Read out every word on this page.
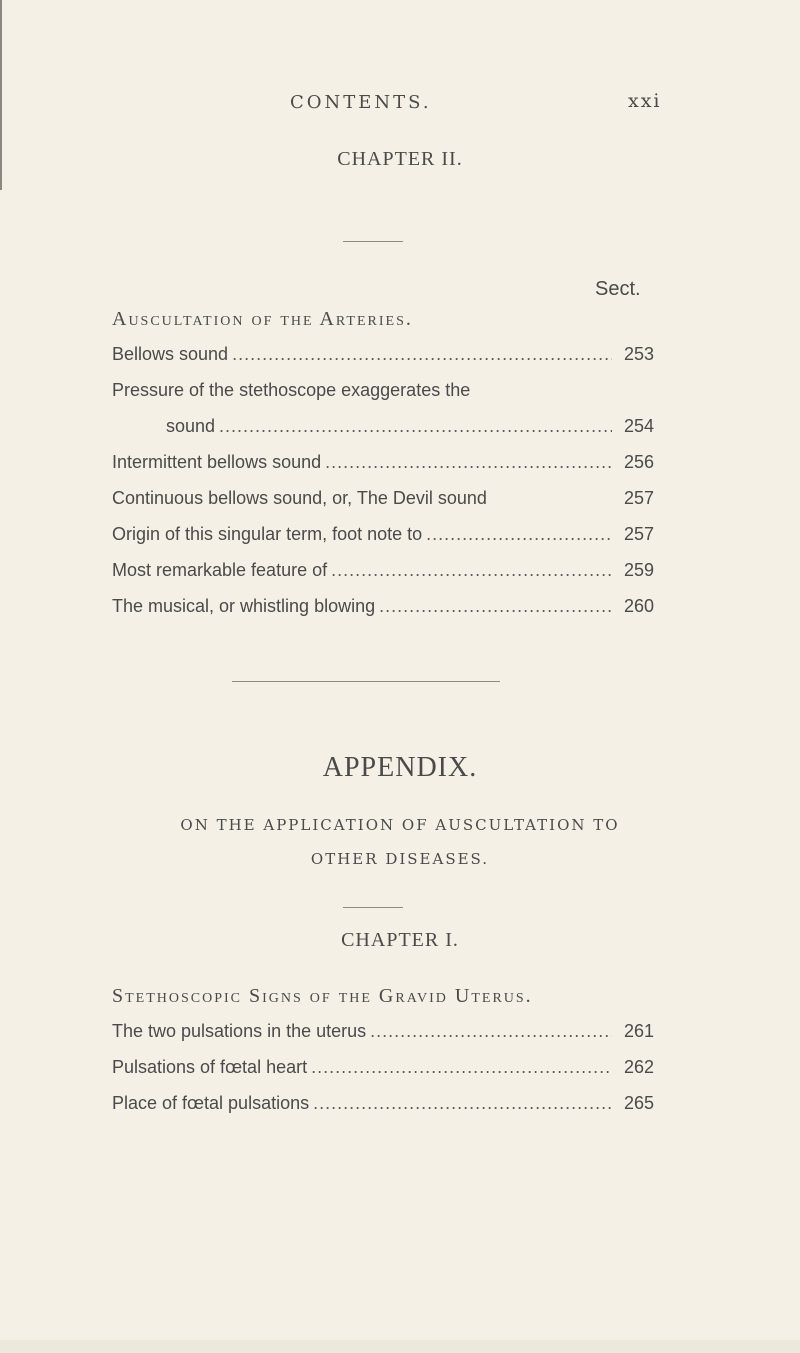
CONTENTS.	xxi
CHAPTER II.
Sect.
Auscultation of the Arteries.
Bellows sound .....	253
Pressure of the stethoscope exaggerates the
sound .....	254
Intermittent bellows sound .....	256
Continuous bellows sound, or, The Devil sound	257
Origin of this singular term, foot note to .....	257
Most remarkable feature of .....	259
The musical, or whistling blowing .....	260
APPENDIX.
ON THE APPLICATION OF AUSCULTATION TO
OTHER DISEASES.
CHAPTER I.
Stethoscopic Signs of the Gravid Uterus.
The two pulsations in the uterus .....	261
Pulsations of fœtal heart .....	262
Place of fœtal pulsations .....	265
